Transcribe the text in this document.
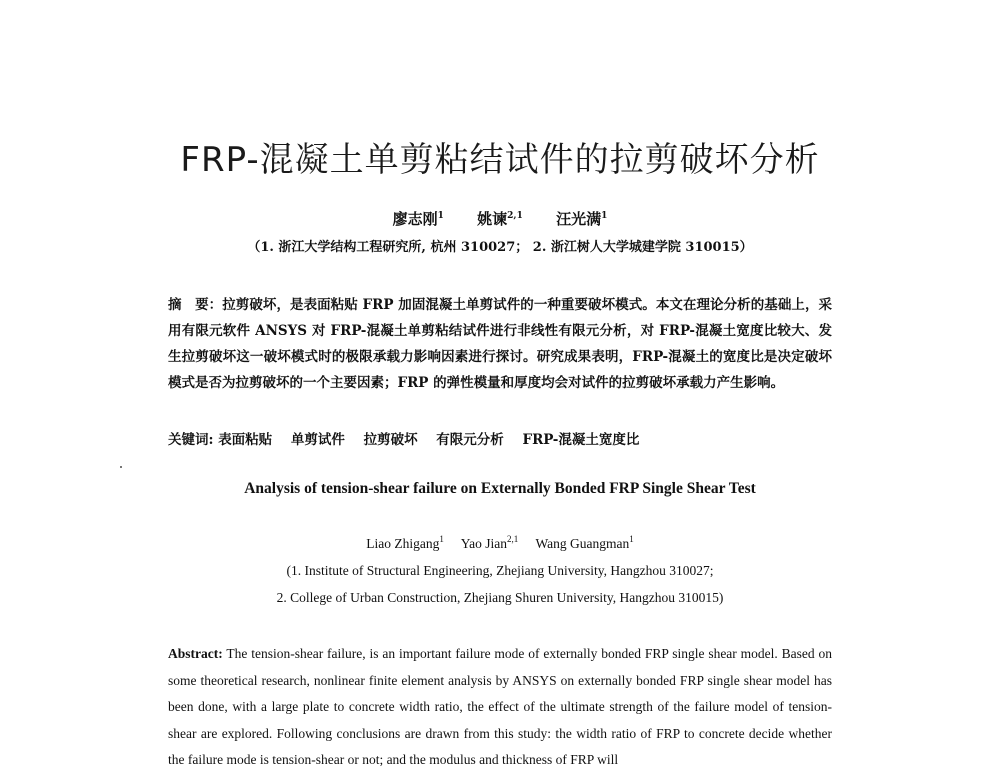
FRP-混凝土单剪粘结试件的拉剪破坏分析
廖志刚$^1$ 姚谏$^{2,1}$ 汪光满$^1$
（1. 浙江大学结构工程研究所, 杭州 310027； 2. 浙江树人大学城建学院 310015）
摘　要：拉剪破坏，是表面粘贴 FRP 加固混凝土单剪试件的一种重要破坏模式。本文在理论分析的基础上，采用有限元软件 ANSYS 对 FRP-混凝土单剪粘结试件进行非线性有限元分析，对 FRP-混凝土宽度比较大、发生拉剪破坏这一破坏模式时的极限承载力影响因素进行探讨。研究成果表明，FRP-混凝土的宽度比是决定破坏模式是否为拉剪破坏的一个主要因素；FRP 的弹性模量和厚度均会对试件的拉剪破坏承载力产生影响。
关键词: 表面粘贴 单剪试件 拉剪破坏 有限元分析 FRP-混凝土宽度比
Analysis of tension-shear failure on Externally Bonded FRP Single Shear Test
Liao Zhigang$^1$ Yao Jian$^{2,1}$ Wang Guangman$^1$
(1. Institute of Structural Engineering, Zhejiang University, Hangzhou 310027;
2. College of Urban Construction, Zhejiang Shuren University, Hangzhou 310015)
Abstract: The tension-shear failure, is an important failure mode of externally bonded FRP single shear model. Based on some theoretical research, nonlinear finite element analysis by ANSYS on externally bonded FRP single shear model has been done, with a large plate to concrete width ratio, the effect of the ultimate strength of the failure model of tension-shear are explored. Following conclusions are drawn from this study: the width ratio of FRP to concrete decide whether the failure mode is tension-shear or not; and the modulus and thickness of FRP will
